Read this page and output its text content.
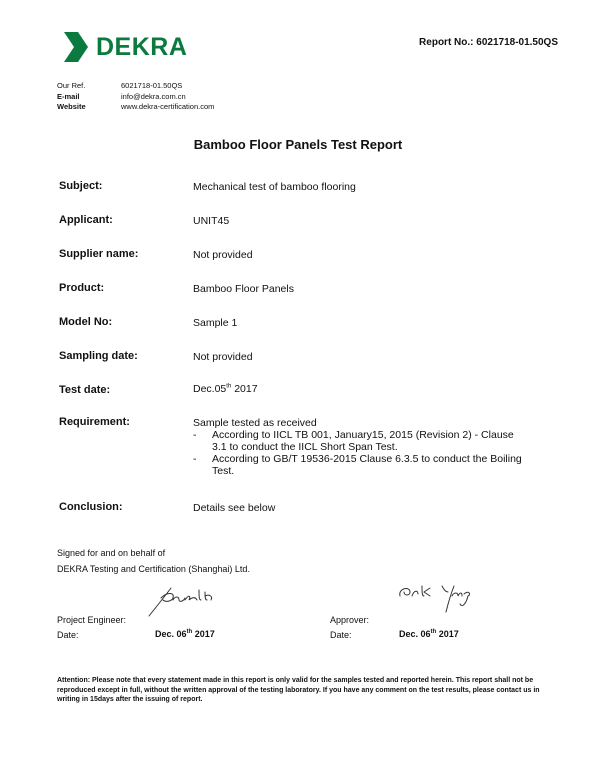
DEKRA	Report No.: 6021718-01.50QS
Our Ref.	6021718-01.50QS
E-mail	info@dekra.com.cn
Website	www.dekra-certification.com
Bamboo Floor Panels Test Report
Subject:	Mechanical test of bamboo flooring
Applicant:	UNIT45
Supplier name:	Not provided
Product:	Bamboo Floor Panels
Model No:	Sample 1
Sampling date:	Not provided
Test date:	Dec.05th 2017
Requirement:	Sample tested as received
-	According to IICL TB 001, January15, 2015 (Revision 2) - Clause 3.1 to conduct the IICL Short Span Test.
-	According to GB/T 19536-2015 Clause 6.3.5 to conduct the Boiling Test.
Conclusion:	Details see below
Signed for and on behalf of
DEKRA Testing and Certification (Shanghai) Ltd.
Project Engineer:	Approver:
Date:	Dec. 06th 2017	Date:	Dec. 06th 2017
Attention: Please note that every statement made in this report is only valid for the samples tested and reported herein. This report shall not be reproduced except in full, without the written approval of the testing laboratory. If you have any comment on the test results, please contact us in writing in 15days after the issuing of report.
